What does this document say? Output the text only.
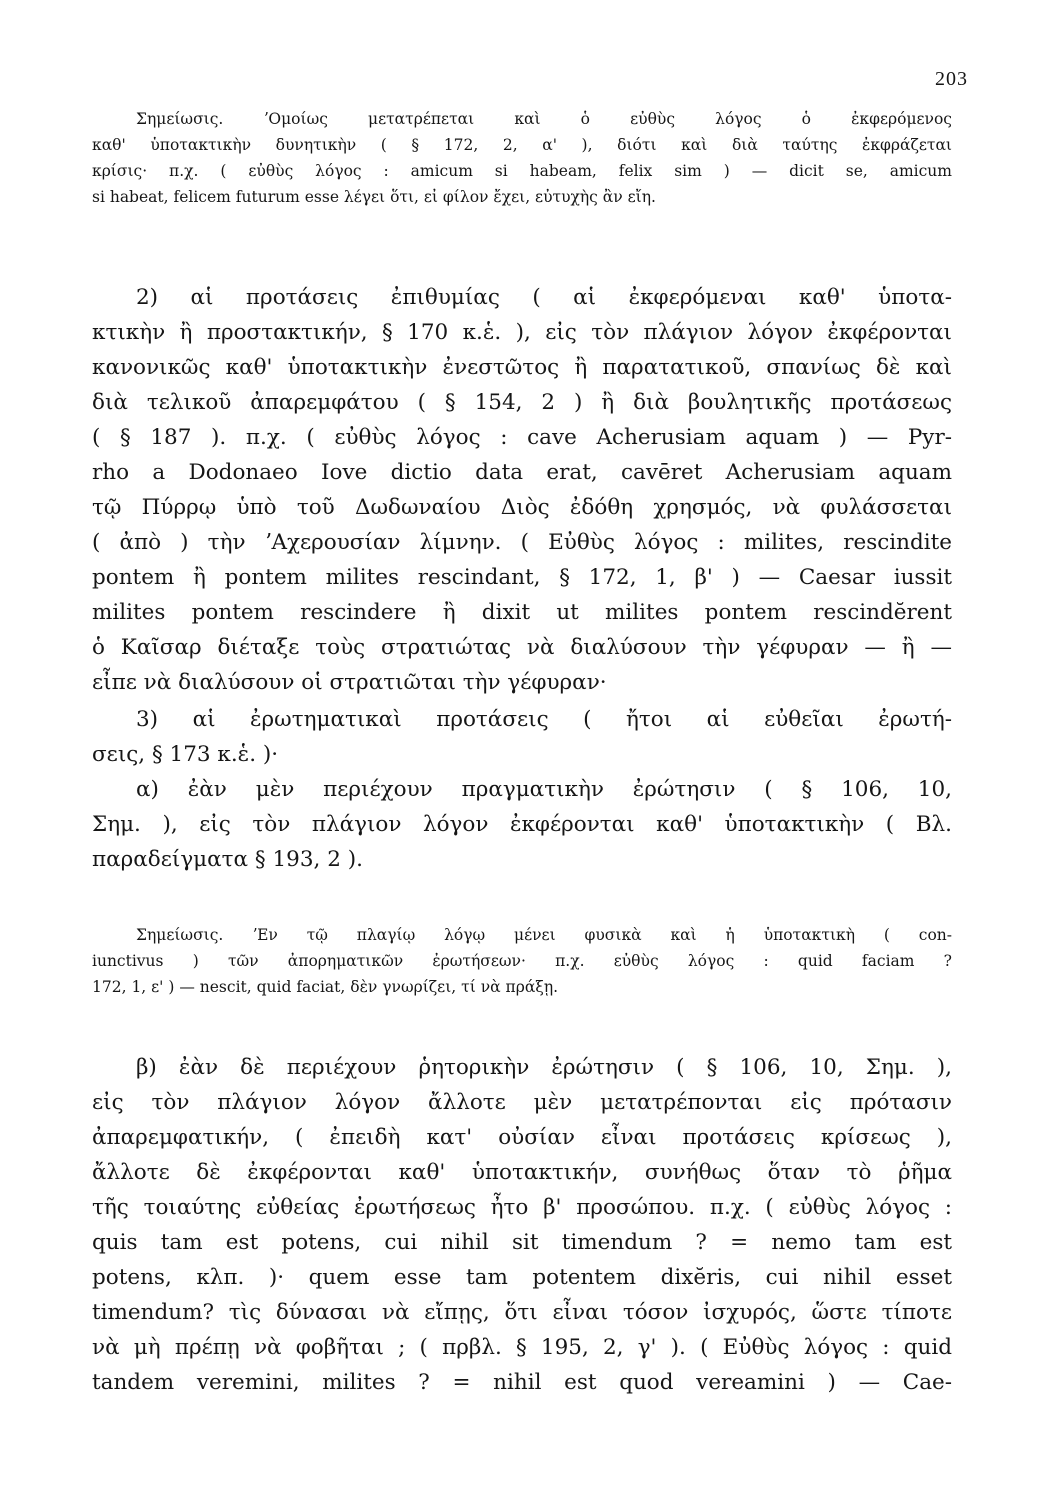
203

Σημείωσις. ʼΟμοίως μετατρέπεται καὶ ὁ εὐθὺς λόγος ὁ ἐκφερόμενος

καθ' ὑποτακτικὴν δυνητικὴν ( § 172, 2, α' ), διότι καὶ διὰ ταύτης ἐκφράζεται

κρίσις· π.χ. ( εὐθὺς λόγος : amicum si habeam, felix sim ) — dicit se, amicum

si habeat, felicem futurum esse λέγει ὅτι, εἰ φίλον ἔχει, εὐτυχὴς ἂν εἴη.

2) αἱ προτάσεις ἐπιθυμίας ( αἱ ἐκφερόμεναι καθ' ὑποτα-

κτικὴν ἢ προστακτικήν, § 170 κ.ἑ. ), εἰς τὸν πλάγιον λόγον ἐκφέρονται

κανονικῶς καθ' ὑποτακτικὴν ἐνεστῶτος ἢ παρατατικοῦ, σπανίως δὲ καὶ

διὰ τελικοῦ ἀπαρεμφάτου ( § 154, 2 ) ἢ διὰ βουλητικῆς προτάσεως

( § 187 ). π.χ. ( εὐθὺς λόγος : cave Acherusiam aquam ) — Pyr-

rho a Dodonaeo Iove dictio data erat, cavēret Acherusiam aquam

τῷ Πύρρῳ ὑπὸ τοῦ Δωδωναίου Διὸς ἐδόθη χρησμός, νὰ φυλάσσεται

( ἀπὸ ) τὴν ʼΑχερουσίαν λίμνην. ( Εὐθὺς λόγος : milites, rescindite

pontem ἢ pontem milites rescindant, § 172, 1, β' ) — Caesar iussit

milites pontem rescindere ἢ dixit ut milites pontem rescindĕrent

ὁ Καῖσαρ διέταξε τοὺς στρατιώτας νὰ διαλύσουν τὴν γέφυραν — ἢ —

εἶπε νὰ διαλύσουν οἱ στρατιῶται τὴν γέφυραν·

3) αἱ ἐρωτηματικαὶ προτάσεις ( ἤτοι αἱ εὐθεῖαι ἐρωτή-

σεις, § 173 κ.ἑ. )·

α) ἐὰν μὲν περιέχουν πραγματικὴν ἐρώτησιν ( § 106, 10,

Σημ. ), εἰς τὸν πλάγιον λόγον ἐκφέρονται καθ' ὑποτακτικὴν ( Βλ.

παραδείγματα § 193, 2 ).

Σημείωσις. ʼΕν τῷ πλαγίῳ λόγῳ μένει φυσικὰ καὶ ἡ ὑποτακτικὴ ( con-

iunctivus ) τῶν ἀπορηματικῶν ἐρωτήσεων· π.χ. εὐθὺς λόγος : quid faciam ?

172, 1, ε' ) — nescit, quid faciat, δὲν γνωρίζει, τί νὰ πράξῃ.

β) ἐὰν δὲ περιέχουν ῥητορικὴν ἐρώτησιν ( § 106, 10, Σημ. ),

εἰς τὸν πλάγιον λόγον ἄλλοτε μὲν μετατρέπονται εἰς πρότασιν

ἀπαρεμφατικήν, ( ἐπειδὴ κατ' οὐσίαν εἶναι προτάσεις κρίσεως ),

ἄλλοτε δὲ ἐκφέρονται καθ' ὑποτακτικήν, συνήθως ὅταν τὸ ῥῆμα

τῆς τοιαύτης εὐθείας ἐρωτήσεως ἦτο β' προσώπου. π.χ. ( εὐθὺς λόγος :

quis tam est potens, cui nihil sit timendum ? = nemo tam est

potens, κλπ. )· quem esse tam potentem dixĕris, cui nihil esset

timendum? τὶς δύνασαι νὰ εἴπῃς, ὅτι εἶναι τόσον ἰσχυρός, ὥστε τίποτε

νὰ μὴ πρέπῃ νὰ φοβῆται ; ( πρβλ. § 195, 2, γ' ). ( Εὐθὺς λόγος : quid

tandem veremini, milites ? = nihil est quod vereamini ) — Cae-
